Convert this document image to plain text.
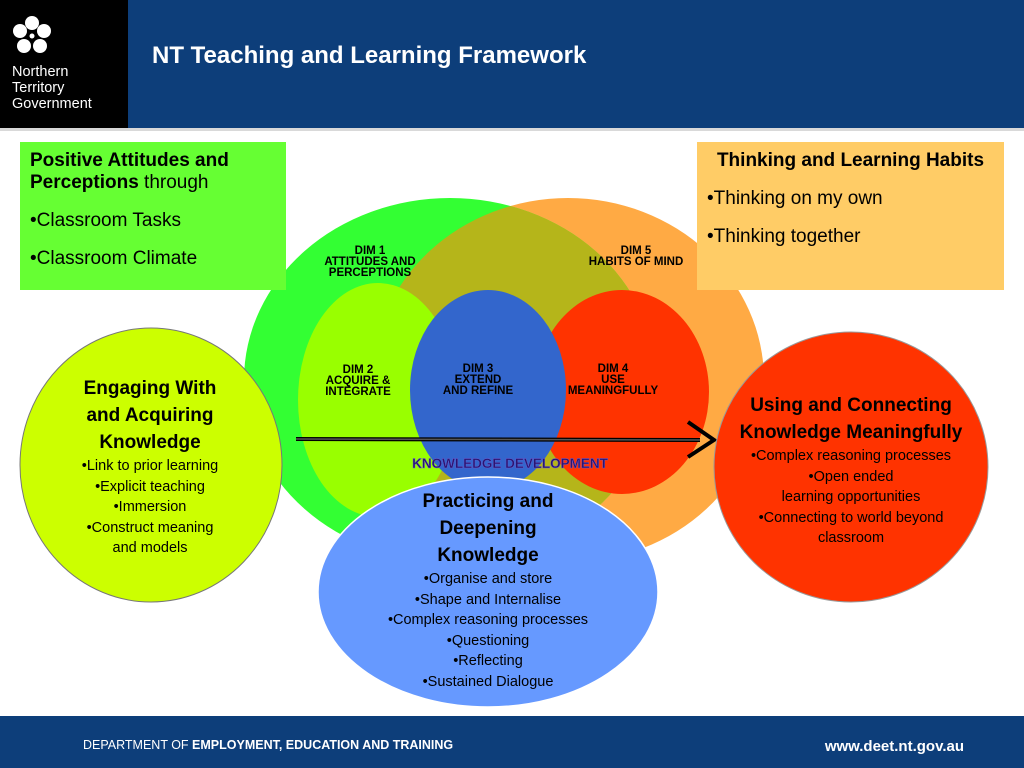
Northern
Territory
Government
NT Teaching and Learning Framework
DIM 1
ATTITUDES AND
PERCEPTIONS
DIM 5
HABITS OF MIND
DIM 2
ACQUIRE &
INTEGRATE
DIM 3
EXTEND
AND REFINE
DIM 4
USE
MEANINGFULLY
KNOWLEDGE DEVELOPMENT

Positive Attitudes and Perceptions through

•Classroom Tasks

•Classroom Climate

Thinking and Learning Habits

•Thinking on my own

•Thinking together

Engaging With
and Acquiring
Knowledge
•Link to prior learning
•Explicit teaching
•Immersion
•Construct meaning
and models
Practicing and
Deepening
Knowledge
•Organise and store
•Shape and Internalise
•Complex reasoning processes
•Questioning
•Reflecting
•Sustained Dialogue
Using and Connecting
Knowledge Meaningfully
•Complex reasoning processes
•Open ended
learning opportunities
•Connecting to world beyond
classroom
DEPARTMENT OF EMPLOYMENT, EDUCATION AND TRAINING	www.deet.nt.gov.au
